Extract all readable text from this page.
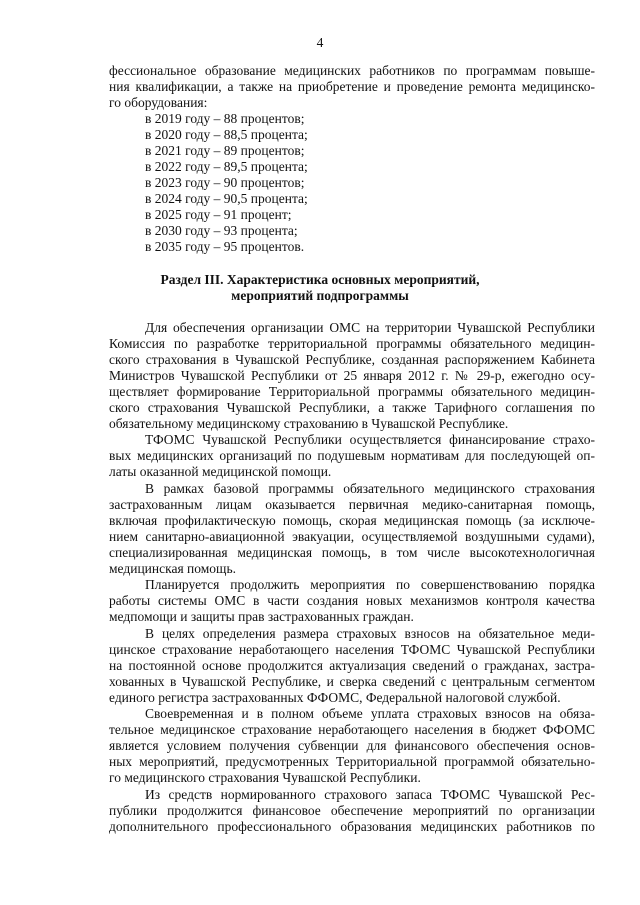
4
фессиональное образование медицинских работников по программам повыше-
ния квалификации, а также на приобретение и проведение ремонта медицинско-
го оборудования:
в 2019 году – 88 процентов;
в 2020 году – 88,5 процента;
в 2021 году – 89 процентов;
в 2022 году – 89,5 процента;
в 2023 году – 90 процентов;
в 2024 году – 90,5 процента;
в 2025 году – 91 процент;
в 2030 году – 93 процента;
в 2035 году – 95 процентов.
Раздел III. Характеристика основных мероприятий,
мероприятий подпрограммы
Для обеспечения организации ОМС на территории Чувашской Республики
Комиссия по разработке территориальной программы обязательного медицин-
ского страхования в Чувашской Республике, созданная распоряжением Кабинета
Министров Чувашской Республики от 25 января 2012 г. № 29-р, ежегодно осу-
ществляет формирование Территориальной программы обязательного медицин-
ского страхования Чувашской Республики, а также Тарифного соглашения по
обязательному медицинскому страхованию в Чувашской Республике.
ТФОМС Чувашской Республики осуществляется финансирование страхо-
вых медицинских организаций по подушевым нормативам для последующей оп-
латы оказанной медицинской помощи.
В рамках базовой программы обязательного медицинского страхования
застрахованным лицам оказывается первичная медико-санитарная помощь,
включая профилактическую помощь, скорая медицинская помощь (за исключе-
нием санитарно-авиационной эвакуации, осуществляемой воздушными судами),
специализированная медицинская помощь, в том числе высокотехнологичная
медицинская помощь.
Планируется продолжить мероприятия по совершенствованию порядка
работы системы ОМС в части создания новых механизмов контроля качества
медпомощи и защиты прав застрахованных граждан.
В целях определения размера страховых взносов на обязательное меди-
цинское страхование неработающего населения ТФОМС Чувашской Республики
на постоянной основе продолжится актуализация сведений о гражданах, застра-
хованных в Чувашской Республике, и сверка сведений с центральным сегментом
единого регистра застрахованных ФФОМС, Федеральной налоговой службой.
Своевременная и в полном объеме уплата страховых взносов на обяза-
тельное медицинское страхование неработающего населения в бюджет ФФОМС
является условием получения субвенции для финансового обеспечения основ-
ных мероприятий, предусмотренных Территориальной программой обязательно-
го медицинского страхования Чувашской Республики.
Из средств нормированного страхового запаса ТФОМС Чувашской Рес-
публики продолжится финансовое обеспечение мероприятий по организации
дополнительного профессионального образования медицинских работников по
